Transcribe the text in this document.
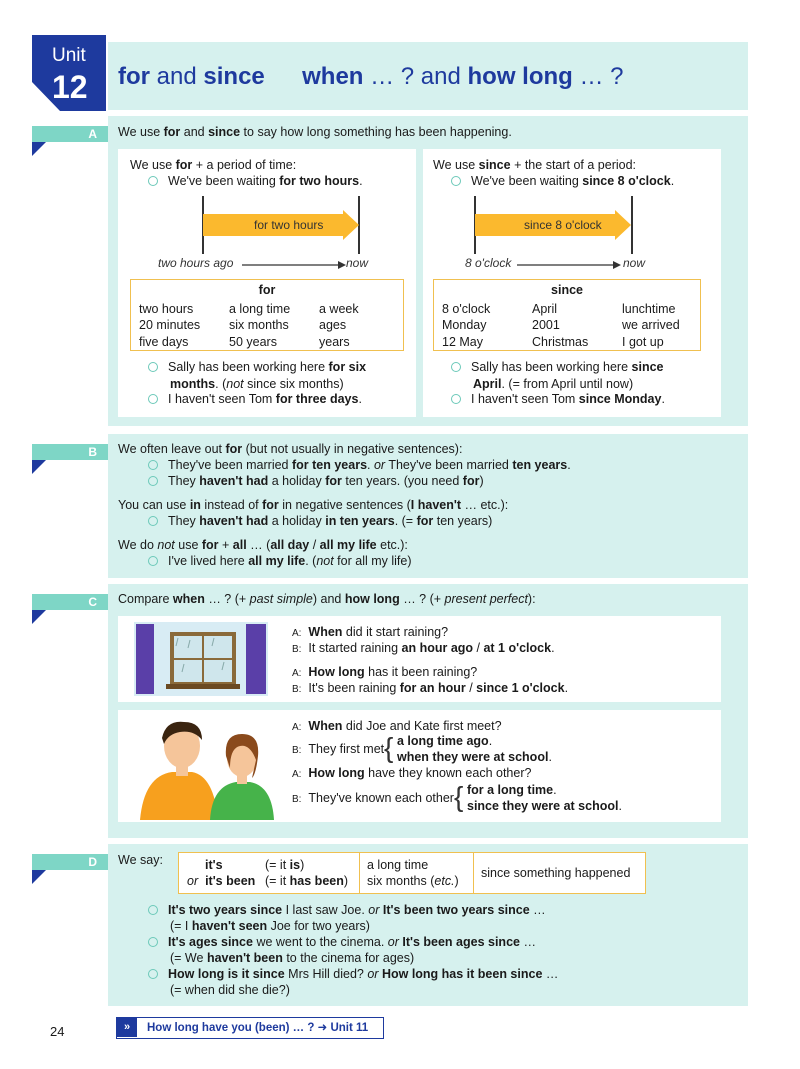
Unit
12 for and since when … ? and how long … ?
A	We use for and since to say how long something has been happening.
We use for + a period of time:
We've been waiting for two hours.
for two hours
two hours ago	now
for
two hours	a long time	a week
20 minutes	six months	ages
five days	50 years	years
Sally has been working here for six
months. (not since six months)
I haven't seen Tom for three days.
We use since + the start of a period:
We've been waiting since 8 o'clock.
since 8 o'clock
8 o'clock	now
since
8 o'clock	April	lunchtime
Monday	2001	we arrived
12 May	Christmas	I got up
Sally has been working here since
April. (= from April until now)
I haven't seen Tom since Monday.
B	We often leave out for (but not usually in negative sentences):
They've been married for ten years. or They've been married ten years.
They haven't had a holiday for ten years. (you need for)
You can use in instead of for in negative sentences (I haven't … etc.):
They haven't had a holiday in ten years. (= for ten years)
We do not use for + all … (all day / all my life etc.):
I've lived here all my life. (not for all my life)
C	Compare when … ? (+ past simple) and how long … ? (+ present perfect):
A: When did it start raining?
B: It started raining an hour ago / at 1 o'clock.
A: How long has it been raining?
B: It's been raining for an hour / since 1 o'clock.
A: When did Joe and Kate first meet?
B: They first met { a long time ago.
when they were at school.
A: How long have they known each other?
B: They've known each other { for a long time.
since they were at school.
D	We say:	it's	(= it is)
or it's been (= it has been)
a long time
six months (etc.)
since something happened
It's two years since I last saw Joe. or It's been two years since …
(= I haven't seen Joe for two years)
It's ages since we went to the cinema. or It's been ages since …
(= We haven't been to the cinema for ages)
How long is it since Mrs Hill died? or How long has it been since …
(= when did she die?)
24	»	How long have you (been) … ? ➜ Unit 11
